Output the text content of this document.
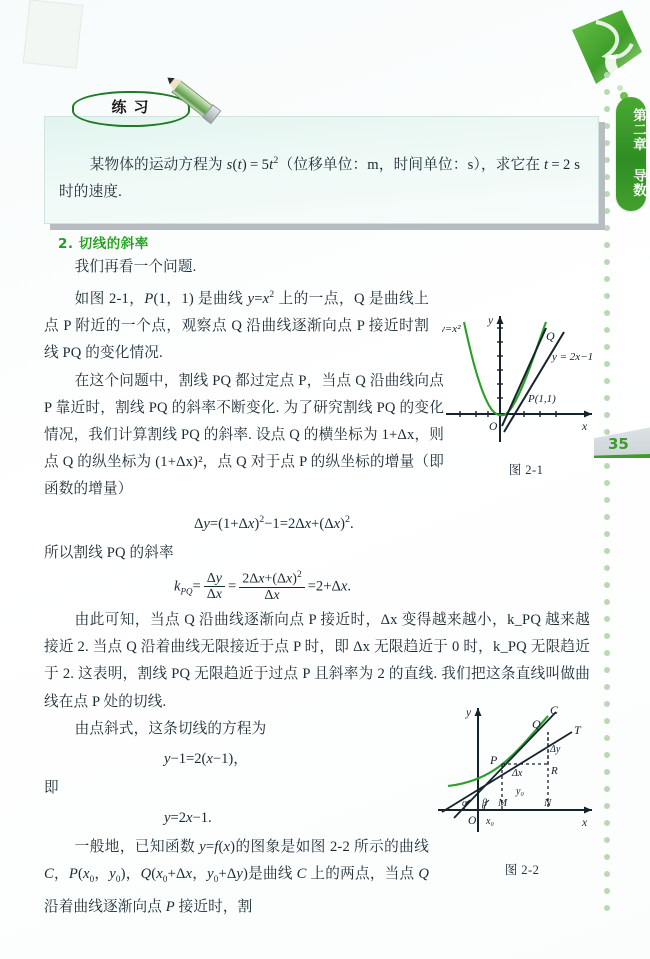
第二章 导数
35
某物体的运动方程为 $s(t) = 5t^2$（位移单位：m，时间单位：s），求它在 t = 2 s
时的速度.
练习
y=x²	Q
y = 2x−1
P(1,1)
O	x
y
图 2-1
C
T
Q
P
R
Δy
Δx
M	N
y₀
x₀
α β
O	x
y
图 2-2
2. 切线的斜率

我们再看一个问题.

如图 2-1，P(1，1) 是曲线 $y=x^2$ 上的一点，Q 是曲线上点 P 附近的一个点，观察点 Q 沿曲线逐渐向点 P 接近时割线 PQ 的变化情况.

在这个问题中，割线 PQ 都过定点 P，当点 Q 沿曲线向点 P 靠近时，割线 PQ 的斜率不断变化. 为了研究割线 PQ 的变化情况，我们计算割线 PQ 的斜率. 设点 Q 的横坐标为 1+Δx，则点 Q 的纵坐标为 (1+Δx)²，点 Q 对于点 P 的纵坐标的增量（即函数的增量）

$\Delta y=(1+\Delta x)^2-1=2\Delta x+(\Delta x)^2$.

所以割线 PQ 的斜率

$k_{PQ}= \frac{\Delta y}{\Delta x} = \frac{2\Delta x+(\Delta x)^2}{\Delta x} =2+\Delta x$.

由此可知，当点 Q 沿曲线逐渐向点 P 接近时，Δx 变得越来越小，k_PQ 越来越接近 2. 当点 Q 沿着曲线无限接近于点 P 时，即 Δx 无限趋近于 0 时，k_PQ 无限趋近于 2. 这表明，割线 PQ 无限趋近于过点 P 且斜率为 2 的直线. 我们把这条直线叫做曲线在点 P 处的切线.

由点斜式，这条切线的方程为

y−1=2(x−1)，

即

y=2x−1.

一般地，已知函数 y=f(x)的图象是如图 2-2 所示的曲线 C，$P(x_0$，$y_0$)，$Q(x_0+\Delta x$，$y_0+\Delta y$)是曲线 C 上的两点，当点 Q 沿着曲线逐渐向点 P 接近时，割
